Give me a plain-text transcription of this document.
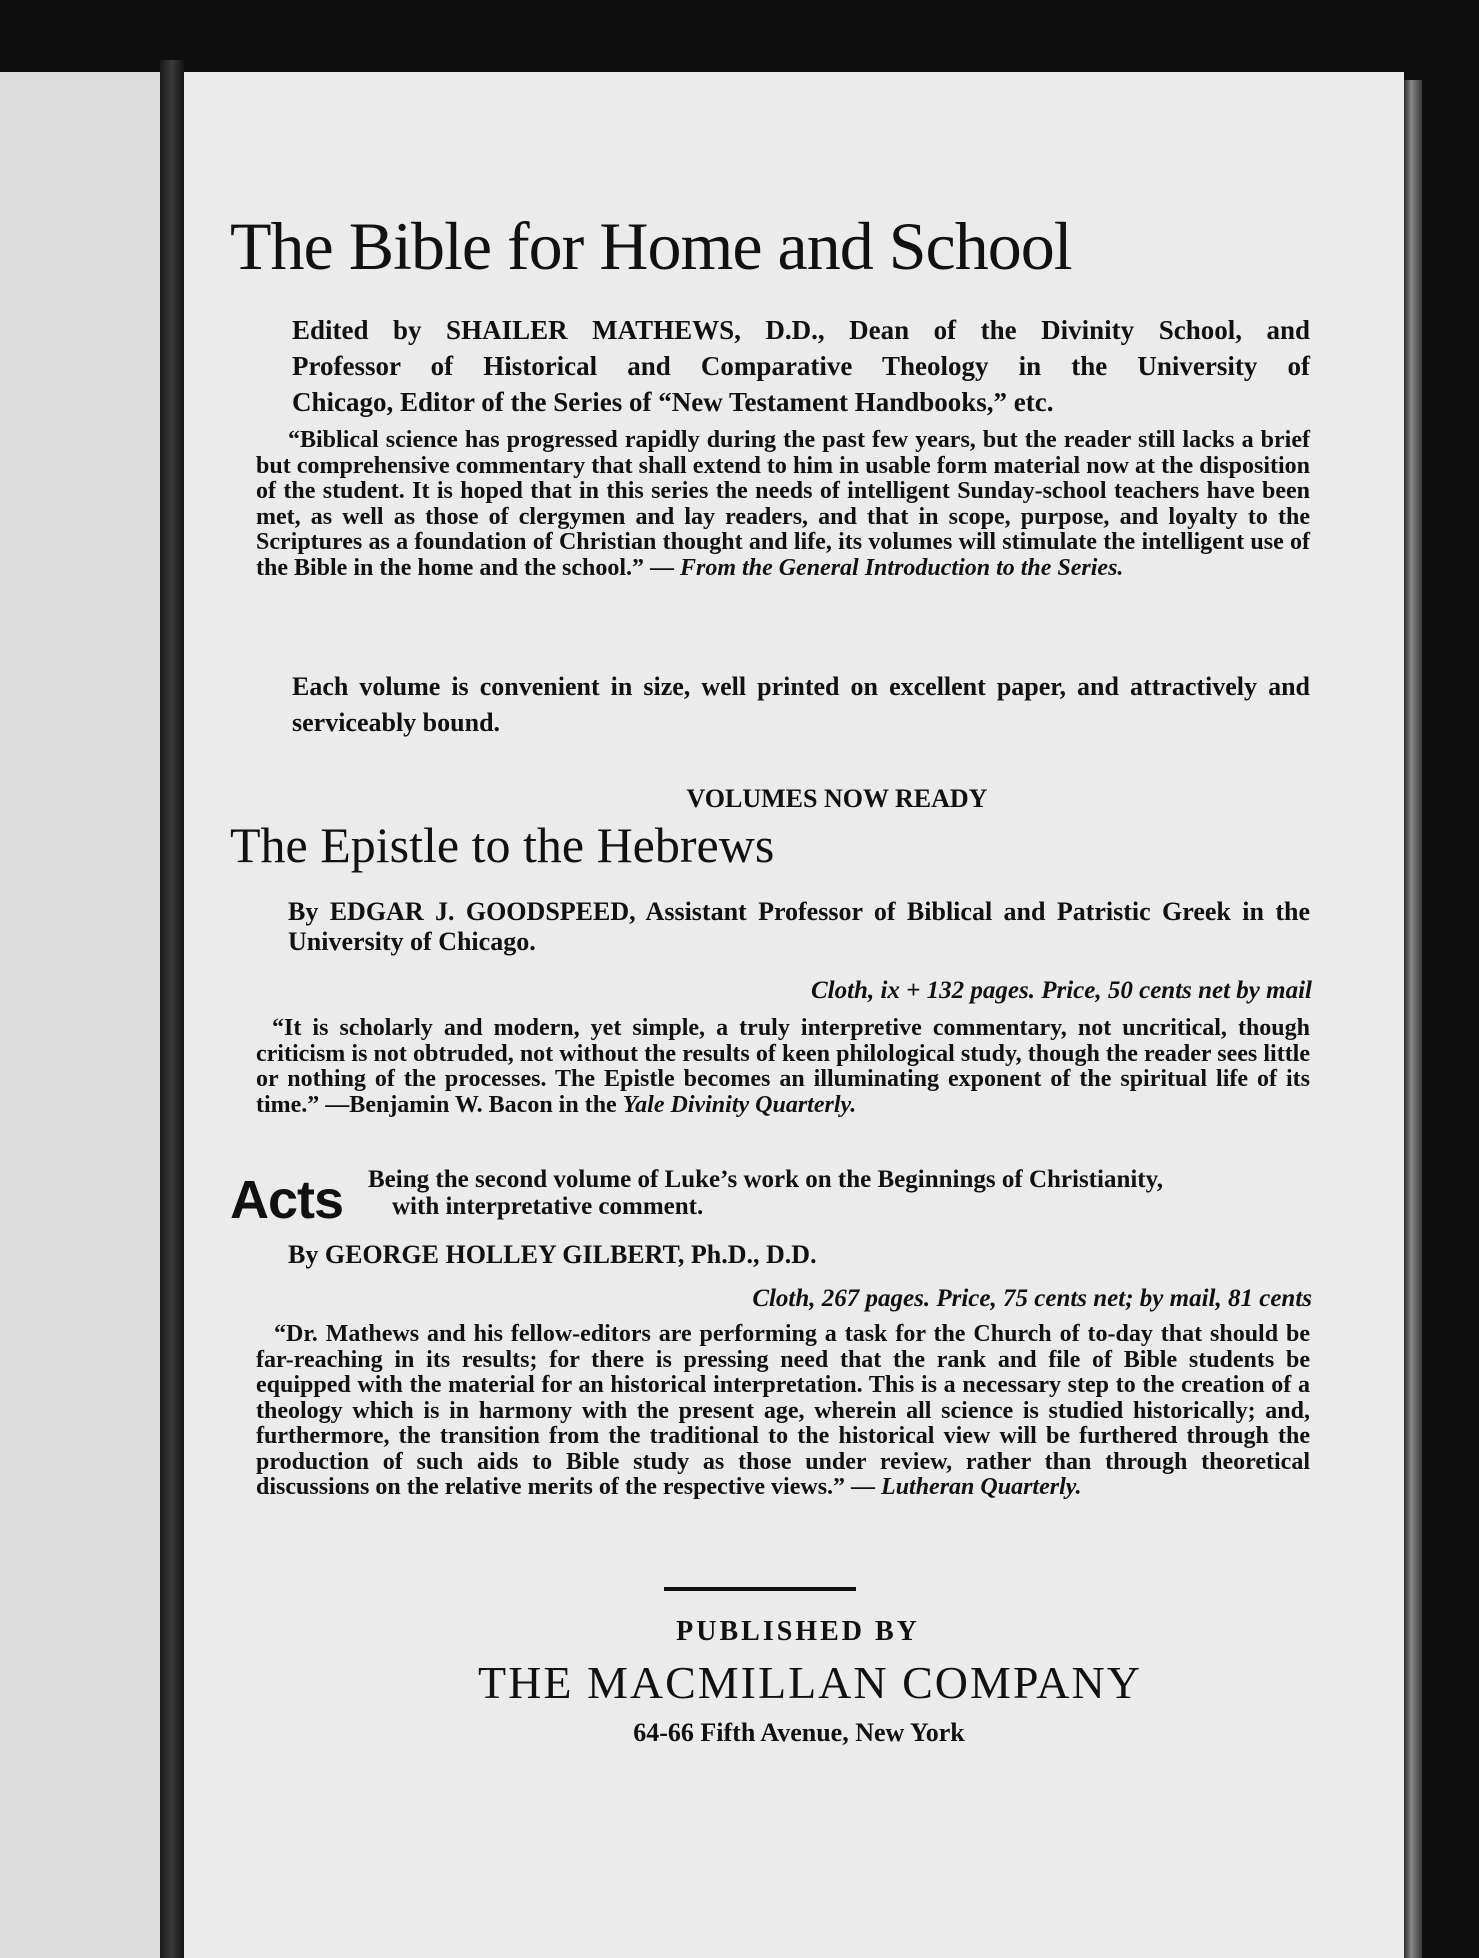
The Bible for Home and School
Edited by SHAILER MATHEWS, D.D., Dean of the Divinity School, and
Professor of Historical and Comparative Theology in the University of
Chicago, Editor of the Series of “New Testament Handbooks,” etc.
“Biblical science has progressed rapidly during the past few years, but the reader still lacks a brief but comprehensive commentary that shall extend to him in usable form material now at the disposition of the student. It is hoped that in this series the needs of intelligent Sunday-school teachers have been met, as well as those of clergymen and lay readers, and that in scope, purpose, and loyalty to the Scriptures as a foundation of Christian thought and life, its volumes will stimulate the intelligent use of the Bible in the home and the school.” — From the General Introduction to the Series.
Each volume is convenient in size, well printed on excellent paper, and attractively and serviceably bound.
VOLUMES NOW READY
The Epistle to the Hebrews
By EDGAR J. GOODSPEED, Assistant Professor of Biblical and Patristic Greek in the University of Chicago.
Cloth, ix + 132 pages. Price, 50 cents net by mail
“It is scholarly and modern, yet simple, a truly interpretive commentary, not uncritical, though criticism is not obtruded, not without the results of keen philological study, though the reader sees little or nothing of the processes. The Epistle becomes an illuminating exponent of the spiritual life of its time.” —Benjamin W. Bacon in the Yale Divinity Quarterly.
Acts Being the second volume of Luke’s work on the Beginnings of Christianity,
with interpretative comment.
By GEORGE HOLLEY GILBERT, Ph.D., D.D.
Cloth, 267 pages. Price, 75 cents net; by mail, 81 cents
“Dr. Mathews and his fellow-editors are performing a task for the Church of to-day that should be far-reaching in its results; for there is pressing need that the rank and file of Bible students be equipped with the material for an historical interpretation. This is a necessary step to the creation of a theology which is in harmony with the present age, wherein all science is studied historically; and, furthermore, the transition from the traditional to the historical view will be furthered through the production of such aids to Bible study as those under review, rather than through theoretical discussions on the relative merits of the respective views.” — Lutheran Quarterly.
PUBLISHED BY
THE MACMILLAN COMPANY
64-66 Fifth Avenue, New York
